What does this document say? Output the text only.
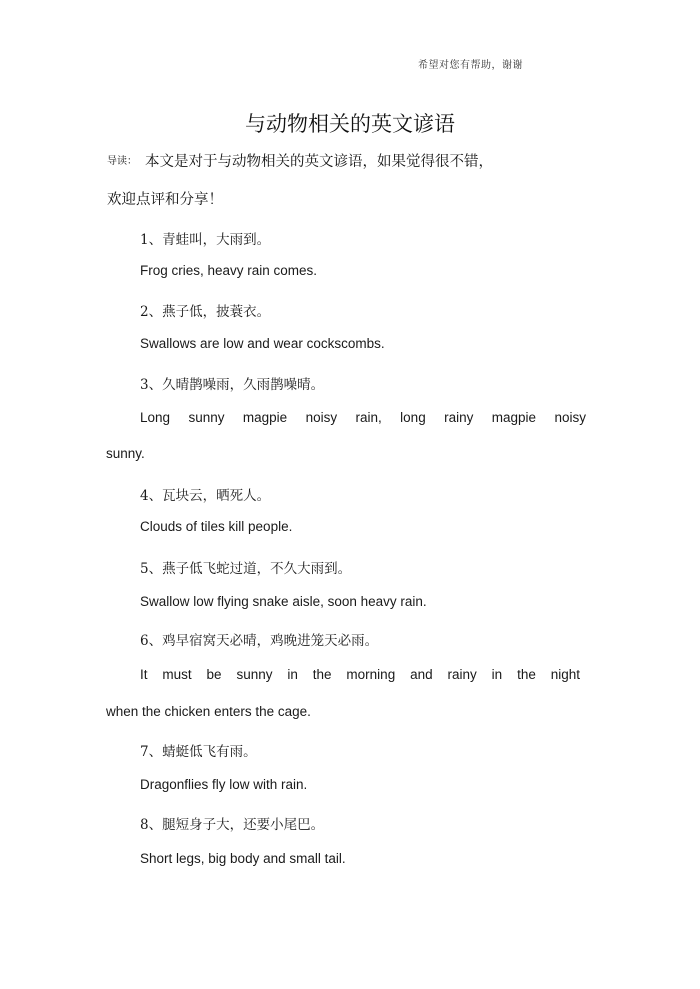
希望对您有帮助，谢谢
与动物相关的英文谚语
导读： 本文是对于与动物相关的英文谚语，如果觉得很不错，
欢迎点评和分享！
1、青蛙叫，大雨到。
Frog cries, heavy rain comes.
2、燕子低，披蓑衣。
Swallows are low and wear cockscombs.
3、久晴鹊噪雨，久雨鹊噪晴。
Long sunny magpie noisy rain, long rainy magpie noisy
sunny.
4、瓦块云，晒死人。
Clouds of tiles kill people.
5、燕子低飞蛇过道，不久大雨到。
Swallow low flying snake aisle, soon heavy rain.
6、鸡早宿窝天必晴，鸡晚进笼天必雨。
It must be sunny in the morning and rainy in the night
when the chicken enters the cage.
7、蜻蜓低飞有雨。
Dragonflies fly low with rain.
8、腿短身子大，还要小尾巴。
Short legs, big body and small tail.
